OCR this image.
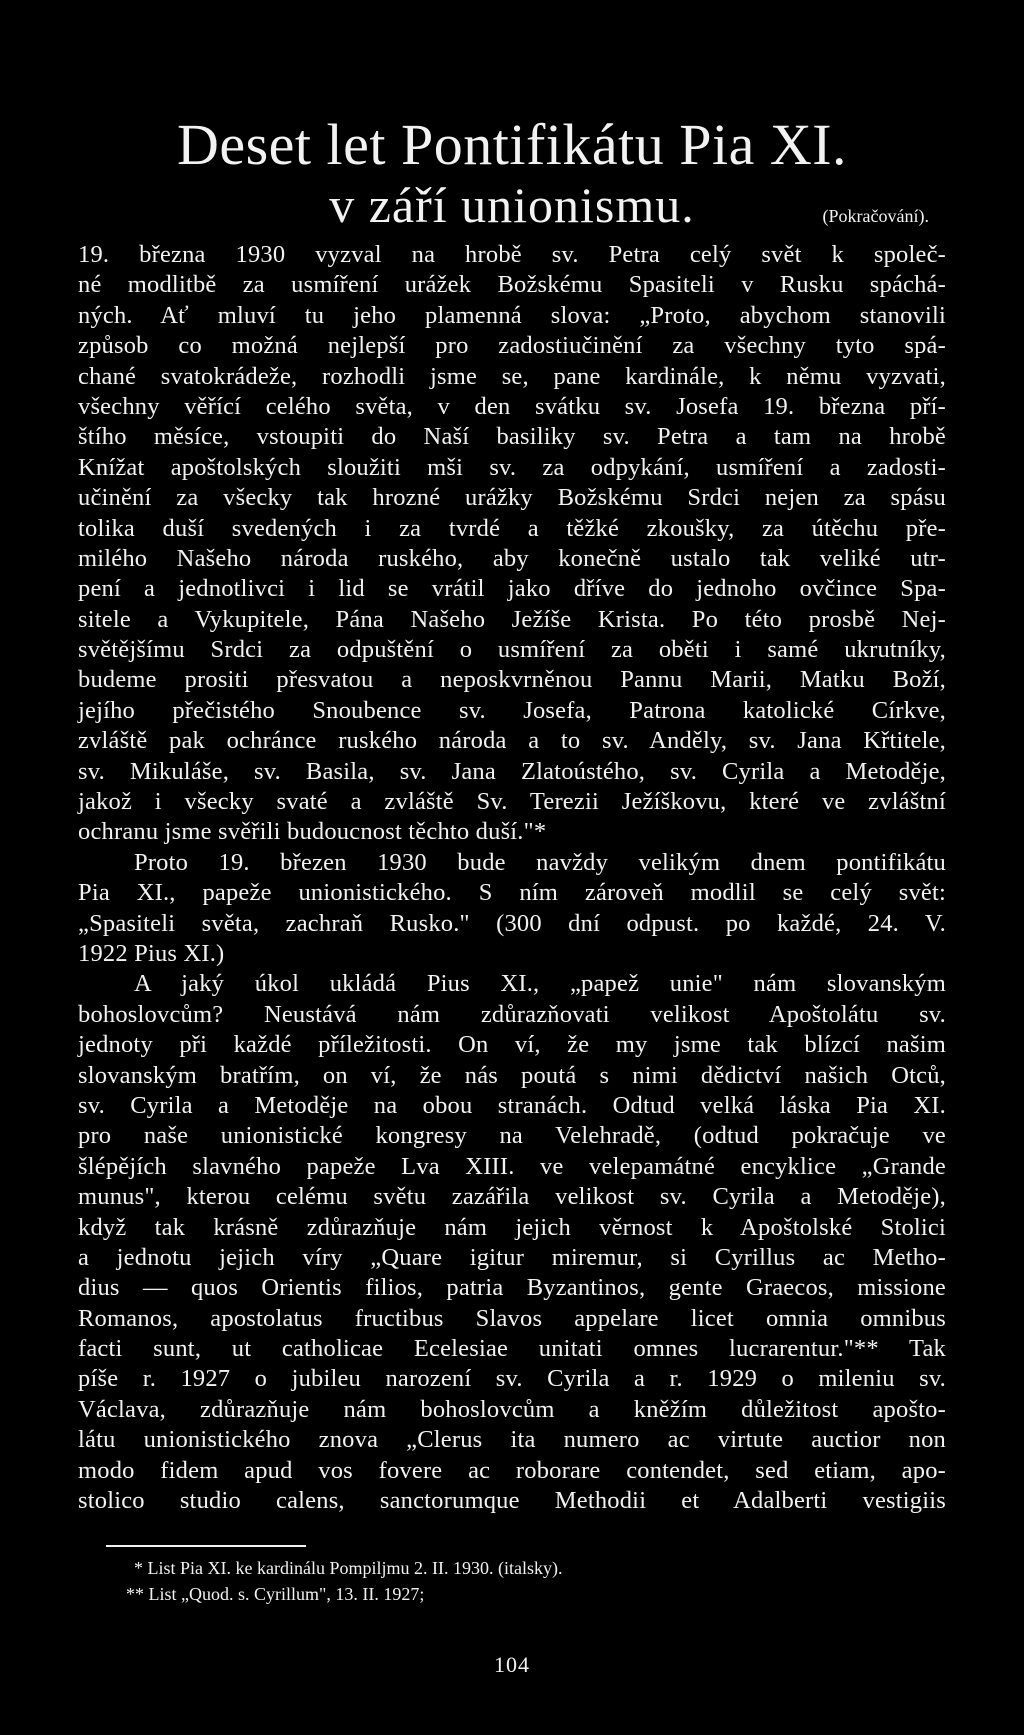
Deset let Pontifikátu Pia XI.
v září unionismu.	(Pokračování).
19. března 1930 vyzval na hrobě sv. Petra celý svět k společ-
né modlitbě za usmíření urážek Božskému Spasiteli v Rusku spáchá-
ných. Ať mluví tu jeho plamenná slova: „Proto, abychom stanovili
způsob co možná nejlepší pro zadostiučinění za všechny tyto spá-
chané svatokrádeže, rozhodli jsme se, pane kardinále, k němu vyzvati,
všechny věřící celého světa, v den svátku sv. Josefa 19. března pří-
štího měsíce, vstoupiti do Naší basiliky sv. Petra a tam na hrobě
Knížat apoštolských sloužiti mši sv. za odpykání, usmíření a zadosti-
učinění za všecky tak hrozné urážky Božskému Srdci nejen za spásu
tolika duší svedených i za tvrdé a těžké zkoušky, za útěchu pře-
milého Našeho národa ruského, aby konečně ustalo tak veliké utr-
pení a jednotlivci i lid se vrátil jako dříve do jednoho ovčince Spa-
sitele a Vykupitele, Pána Našeho Ježíše Krista. Po této prosbě Nej-
světějšímu Srdci za odpuštění o usmíření za oběti i samé ukrutníky,
budeme prositi přesvatou a neposkvrněnou Pannu Marii, Matku Boží,
jejího přečistého Snoubence sv. Josefa, Patrona katolické Církve,
zvláště pak ochránce ruského národa a to sv. Anděly, sv. Jana Křtitele,
sv. Mikuláše, sv. Basila, sv. Jana Zlatoústého, sv. Cyrila a Metoděje,
jakož i všecky svaté a zvláště Sv. Terezii Ježíškovu, které ve zvláštní
ochranu jsme svěřili budoucnost těchto duší."*
Proto 19. březen 1930 bude navždy velikým dnem pontifikátu
Pia XI., papeže unionistického. S ním zároveň modlil se celý svět:
„Spasiteli světa, zachraň Rusko." (300 dní odpust. po každé, 24. V.
1922 Pius XI.)
A jaký úkol ukládá Pius XI., „papež unie" nám slovanským
bohoslovcům? Neustává nám zdůrazňovati velikost Apoštolátu sv.
jednoty při každé příležitosti. On ví, že my jsme tak blízcí našim
slovanským bratřím, on ví, že nás poutá s nimi dědictví našich Otců,
sv. Cyrila a Metoděje na obou stranách. Odtud velká láska Pia XI.
pro naše unionistické kongresy na Velehradě, (odtud pokračuje ve
šlépějích slavného papeže Lva XIII. ve velepamátné encyklice „Grande
munus", kterou celému světu zazářila velikost sv. Cyrila a Metoděje),
když tak krásně zdůrazňuje nám jejich věrnost k Apoštolské Stolici
a jednotu jejich víry „Quare igitur miremur, si Cyrillus ac Metho-
dius — quos Orientis filios, patria Byzantinos, gente Graecos, missione
Romanos, apostolatus fructibus Slavos appelare licet omnia omnibus
facti sunt, ut catholicae Ecelesiae unitati omnes lucrarentur."** Tak
píše r. 1927 o jubileu narození sv. Cyrila a r. 1929 o mileniu sv.
Václava, zdůrazňuje nám bohoslovcům a kněžím důležitost apošto-
látu unionistického znova „Clerus ita numero ac virtute auctior non
modo fidem apud vos fovere ac roborare contendet, sed etiam, apo-
stolico studio calens, sanctorumque Methodii et Adalberti vestigiis
* List Pia XI. ke kardinálu Pompiljmu 2. II. 1930. (italsky).
** List „Quod. s. Cyrillum", 13. II. 1927;
104
